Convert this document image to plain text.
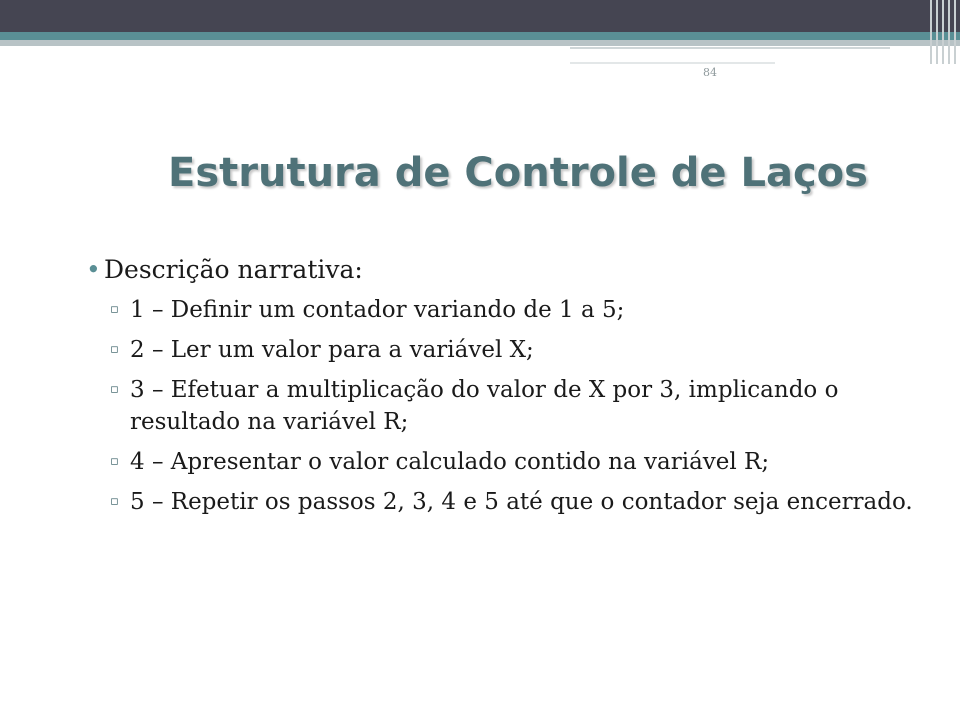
84
Estrutura de Controle de Laços
• Descrição narrativa:
▫ 1 – Definir um contador variando de 1 a 5;
▫ 2 – Ler um valor para a variável X;
▫ 3 – Efetuar a multiplicação do valor de X por 3, implicando o resultado na variável R;
▫ 4 – Apresentar o valor calculado contido na variável R;
▫ 5 – Repetir os passos 2, 3, 4 e 5 até que o contador seja encerrado.
